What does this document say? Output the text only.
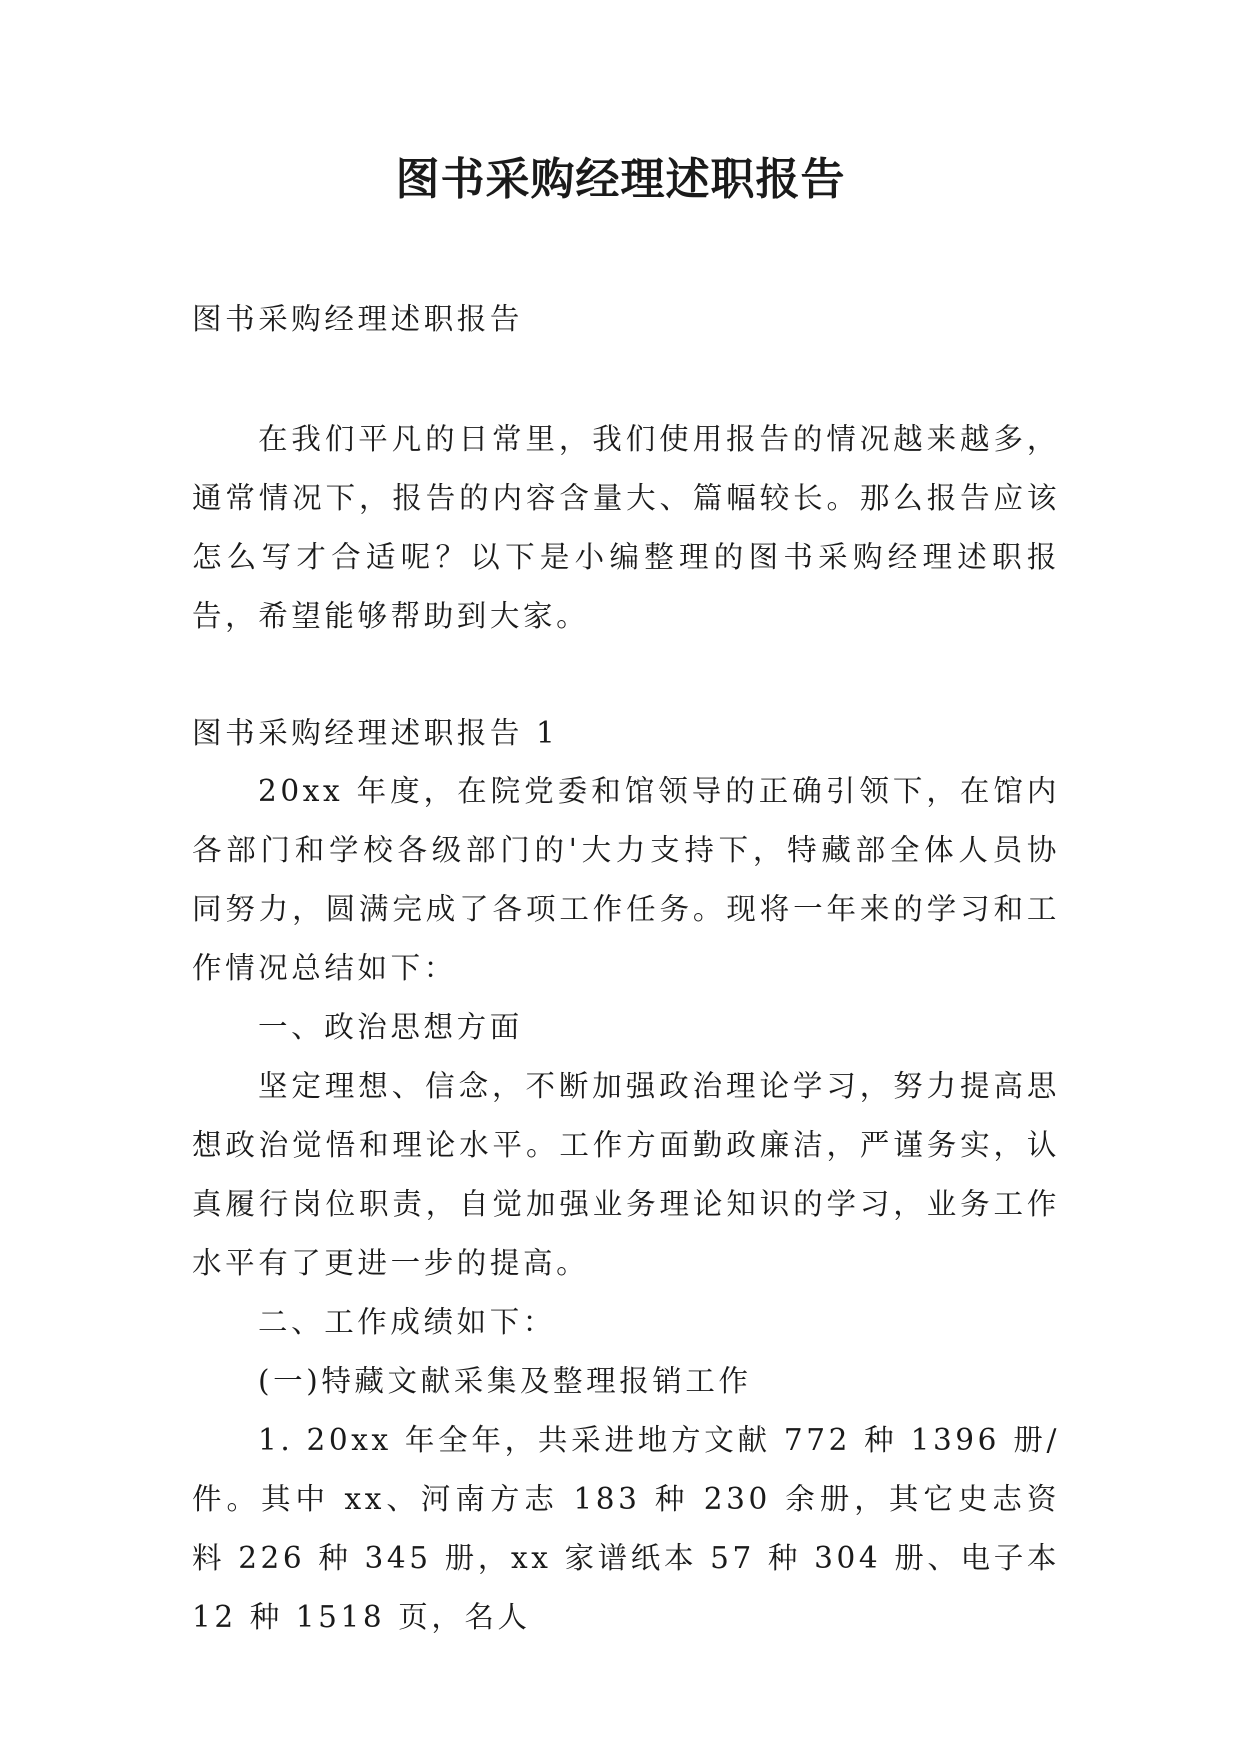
图书采购经理述职报告

图书采购经理述职报告

在我们平凡的日常里，我们使用报告的情况越来越多，通常情况下，报告的内容含量大、篇幅较长。那么报告应该怎么写才合适呢？以下是小编整理的图书采购经理述职报告，希望能够帮助到大家。

图书采购经理述职报告 1

20xx 年度，在院党委和馆领导的正确引领下，在馆内各部门和学校各级部门的'大力支持下，特藏部全体人员协同努力，圆满完成了各项工作任务。现将一年来的学习和工作情况总结如下：

一、政治思想方面

坚定理想、信念，不断加强政治理论学习，努力提高思想政治觉悟和理论水平。工作方面勤政廉洁，严谨务实，认真履行岗位职责，自觉加强业务理论知识的学习，业务工作水平有了更进一步的提高。

二、工作成绩如下：

(一)特藏文献采集及整理报销工作

1. 20xx 年全年，共采进地方文献 772 种 1396 册/件。其中 xx、河南方志 183 种 230 余册，其它史志资料 226 种 345 册，xx 家谱纸本 57 种 304 册、电子本 12 种 1518 页，名人
